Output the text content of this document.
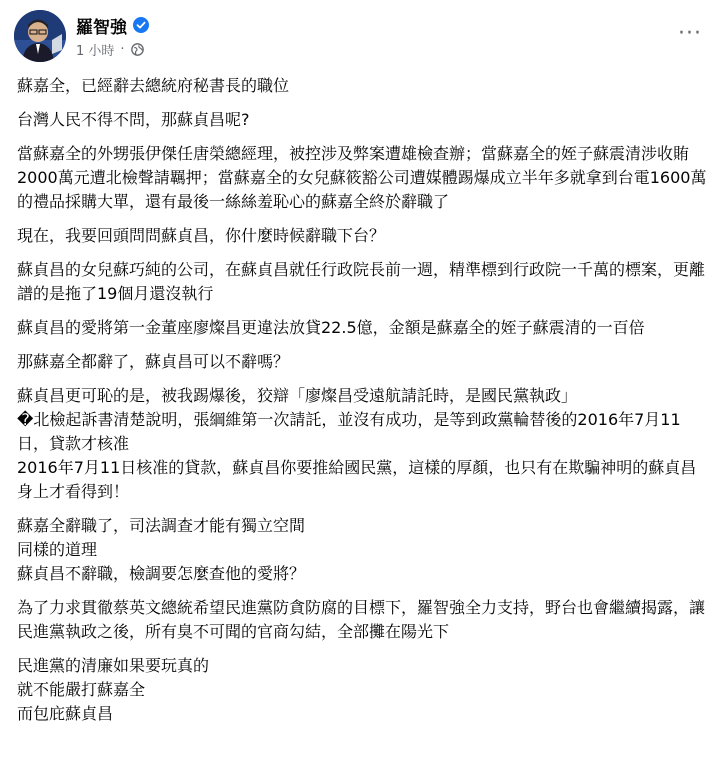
羅智強
1 小時 ·
···

蘇嘉全，已經辭去總統府秘書長的職位

台灣人民不得不問，那蘇貞昌呢?

當蘇嘉全的外甥張伊傑任唐榮總經理，被控涉及弊案遭雄檢查辦；當蘇嘉全的姪子蘇震清涉收賄2000萬元遭北檢聲請羈押；當蘇嘉全的女兒蘇筱豁公司遭媒體踢爆成立半年多就拿到台電1600萬的禮品採購大單，還有最後一絲絲羞恥心的蘇嘉全終於辭職了

現在，我要回頭問問蘇貞昌，你什麼時候辭職下台？

蘇貞昌的女兒蘇巧純的公司，在蘇貞昌就任行政院長前一週，精準標到行政院一千萬的標案，更離譜的是拖了19個月還沒執行

蘇貞昌的愛將第一金董座廖燦昌更違法放貸22.5億，金額是蘇嘉全的姪子蘇震清的一百倍

那蘇嘉全都辭了，蘇貞昌可以不辭嗎？

蘇貞昌更可恥的是，被我踢爆後，狡辯「廖燦昌受遠航請託時，是國民黨執政」
�北檢起訴書清楚說明，張綱維第一次請託，並沒有成功，是等到政黨輪替後的2016年7月11日，貸款才核准
2016年7月11日核准的貸款，蘇貞昌你要推給國民黨，這樣的厚顏，也只有在欺騙神明的蘇貞昌身上才看得到！

蘇嘉全辭職了，司法調查才能有獨立空間
同樣的道理
蘇貞昌不辭職，檢調要怎麼查他的愛將？

為了力求貫徹蔡英文總統希望民進黨防貪防腐的目標下，羅智強全力支持，野台也會繼續揭露，讓民進黨執政之後，所有臭不可聞的官商勾結，全部攤在陽光下

民進黨的清廉如果要玩真的
就不能嚴打蘇嘉全
而包庇蘇貞昌
